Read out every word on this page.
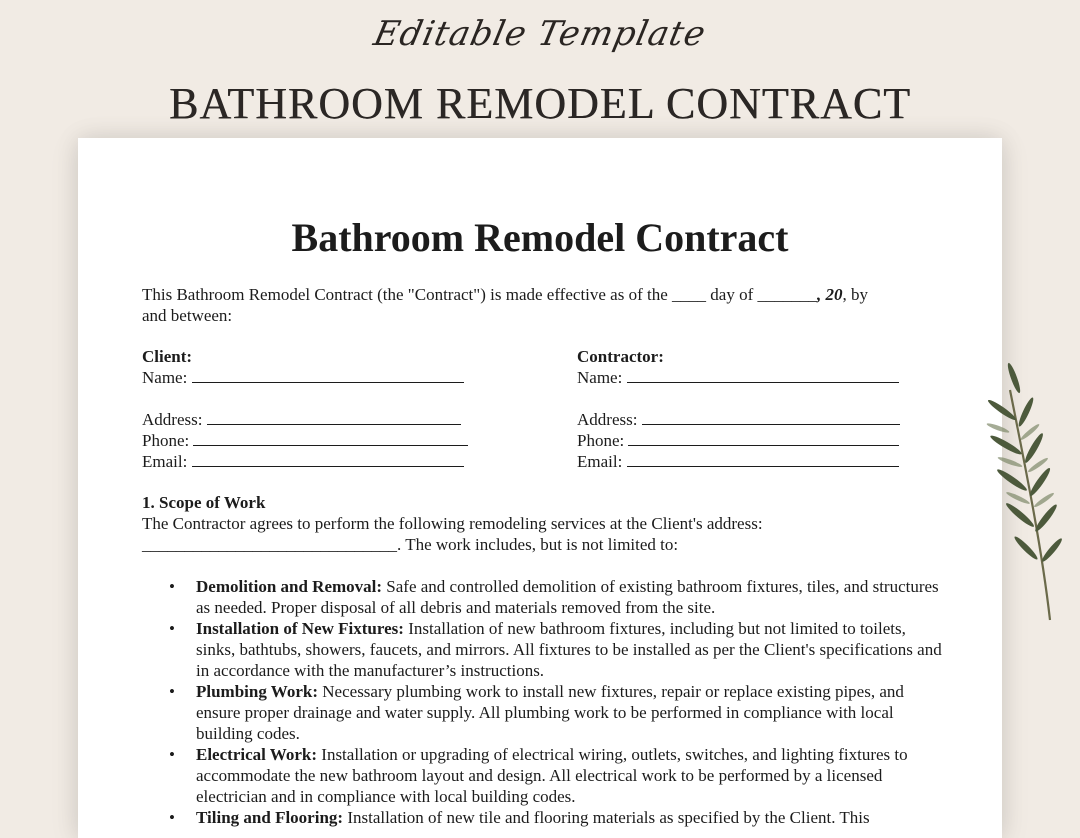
Editable Template
BATHROOM REMODEL CONTRACT
Bathroom Remodel Contract
This Bathroom Remodel Contract (the "Contract") is made effective as of the ____ day of _______, 20, by
and between:
Client:
Name:
Address:
Phone:
Email:
Contractor:
Name:
Address:
Phone:
Email:
1. Scope of Work
The Contractor agrees to perform the following remodeling services at the Client's address:
______________________________. The work includes, but is not limited to:
• Demolition and Removal: Safe and controlled demolition of existing bathroom fixtures, tiles, and structures as needed. Proper disposal of all debris and materials removed from the site.
• Installation of New Fixtures: Installation of new bathroom fixtures, including but not limited to toilets, sinks, bathtubs, showers, faucets, and mirrors. All fixtures to be installed as per the Client's specifications and in accordance with the manufacturer’s instructions.
• Plumbing Work: Necessary plumbing work to install new fixtures, repair or replace existing pipes, and ensure proper drainage and water supply. All plumbing work to be performed in compliance with local building codes.
• Electrical Work: Installation or upgrading of electrical wiring, outlets, switches, and lighting fixtures to accommodate the new bathroom layout and design. All electrical work to be performed by a licensed electrician and in compliance with local building codes.
• Tiling and Flooring: Installation of new tile and flooring materials as specified by the Client. This
